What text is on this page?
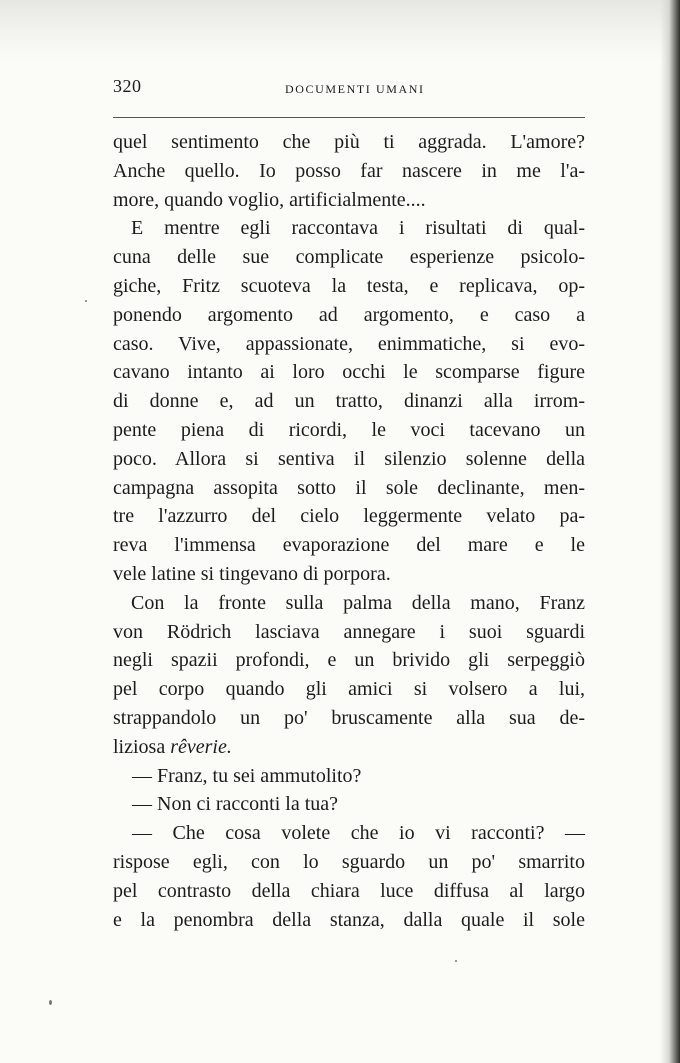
320	DOCUMENTI UMANI
quel sentimento che più ti aggrada. L'amore?
Anche quello. Io posso far nascere in me l'a-
more, quando voglio, artificialmente....
E mentre egli raccontava i risultati di qual-
cuna delle sue complicate esperienze psicolo-
giche, Fritz scuoteva la testa, e replicava, op-
ponendo argomento ad argomento, e caso a
caso. Vive, appassionate, enimmatiche, si evo-
cavano intanto ai loro occhi le scomparse figure
di donne e, ad un tratto, dinanzi alla irrom-
pente piena di ricordi, le voci tacevano un
poco. Allora si sentiva il silenzio solenne della
campagna assopita sotto il sole declinante, men-
tre l'azzurro del cielo leggermente velato pa-
reva l'immensa evaporazione del mare e le
vele latine si tingevano di porpora.
Con la fronte sulla palma della mano, Franz
von Rödrich lasciava annegare i suoi sguardi
negli spazii profondi, e un brivido gli serpeggiò
pel corpo quando gli amici si volsero a lui,
strappandolo un po' bruscamente alla sua de-
liziosa rêverie.
— Franz, tu sei ammutolito?
— Non ci racconti la tua?
— Che cosa volete che io vi racconti? —
rispose egli, con lo sguardo un po' smarrito
pel contrasto della chiara luce diffusa al largo
e la penombra della stanza, dalla quale il sole
